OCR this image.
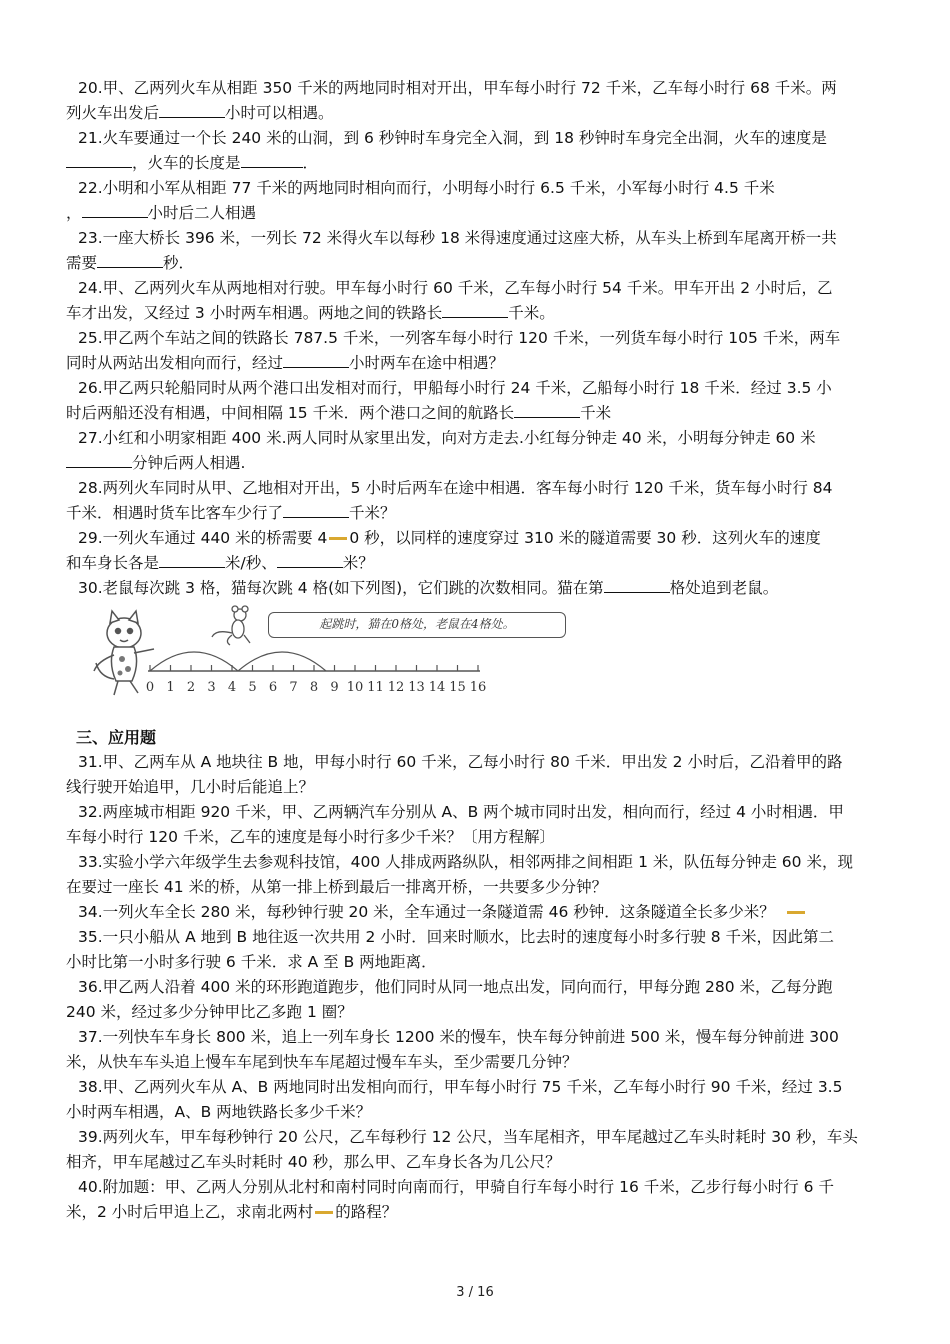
20.甲、乙两列火车从相距 350 千米的两地同时相对开出，甲车每小时行 72 千米，乙车每小时行 68 千米。两

列火车出发后	小时可以相遇。

21.火车要通过一个长 240 米的山洞，到 6 秒钟时车身完全入洞，到 18 秒钟时车身完全出洞，火车的速度是

，火车的长度是	．

22.小明和小军从相距 77 千米的两地同时相向而行，小明每小时行 6.5 千米，小军每小时行 4.5 千米

，	小时后二人相遇

23.一座大桥长 396 米，一列长 72 米得火车以每秒 18 米得速度通过这座大桥，从车头上桥到车尾离开桥一共

需要	秒．

24.甲、乙两列火车从两地相对行驶。甲车每小时行 60 千米，乙车每小时行 54 千米。甲车开出 2 小时后，乙

车才出发，又经过 3 小时两车相遇。两地之间的铁路长	千米。

25.甲乙两个车站之间的铁路长 787.5 千米，一列客车每小时行 120 千米，一列货车每小时行 105 千米，两车

同时从两站出发相向而行，经过	小时两车在途中相遇？

26.甲乙两只轮船同时从两个港口出发相对而行，甲船每小时行 24 千米，乙船每小时行 18 千米．经过 3.5 小

时后两船还没有相遇，中间相隔 15 千米．两个港口之间的航路长	千米

27.小红和小明家相距 400 米.两人同时从家里出发，向对方走去.小红每分钟走 40 米，小明每分钟走 60 米

分钟后两人相遇.

28.两列火车同时从甲、乙地相对开出，5 小时后两车在途中相遇．客车每小时行 120 千米，货车每小时行 84

千米．相遇时货车比客车少行了	千米？

29.一列火车通过 440 米的桥需要 4 0 秒，以同样的速度穿过 310 米的隧道需要 30 秒．这列火车的速度

和车身长各是	米/秒、	米？

30.老鼠每次跳 3 格，猫每次跳 4 格(如下列图)，它们跳的次数相同。猫在第	格处追到老鼠。

0 1 2 3 4 5 6 7 8 9 10 11 12 13 14 15 16
起跳时，猫在0格处，老鼠在4格处。
三、应用题

31.甲、乙两车从 A 地块往 B 地，甲每小时行 60 千米，乙每小时行 80 千米．甲出发 2 小时后，乙沿着甲的路

线行驶开始追甲，几小时后能追上？

32.两座城市相距 920 千米，甲、乙两辆汽车分别从 A、B 两个城市同时出发，相向而行，经过 4 小时相遇．甲

车每小时行 120 千米，乙车的速度是每小时行多少千米？〔用方程解〕

33.实验小学六年级学生去参观科技馆，400 人排成两路纵队，相邻两排之间相距 1 米，队伍每分钟走 60 米，现

在要过一座长 41 米的桥，从第一排上桥到最后一排离开桥，一共要多少分钟？

34.一列火车全长 280 米，每秒钟行驶 20 米，全车通过一条隧道需 46 秒钟．这条隧道全长多少米？

35.一只小船从 A 地到 B 地往返一次共用 2 小时．回来时顺水，比去时的速度每小时多行驶 8 千米，因此第二

小时比第一小时多行驶 6 千米．求 A 至 B 两地距离．

36.甲乙两人沿着 400 米的环形跑道跑步，他们同时从同一地点出发，同向而行，甲每分跑 280 米，乙每分跑

240 米，经过多少分钟甲比乙多跑 1 圈？

37.一列快车车身长 800 米，追上一列车身长 1200 米的慢车，快车每分钟前进 500 米，慢车每分钟前进 300

米，从快车车头追上慢车车尾到快车车尾超过慢车车头，至少需要几分钟？

38.甲、乙两列火车从 A、B 两地同时出发相向而行，甲车每小时行 75 千米，乙车每小时行 90 千米，经过 3.5

小时两车相遇，A、B 两地铁路长多少千米？

39.两列火车，甲车每秒钟行 20 公尺，乙车每秒行 12 公尺，当车尾相齐，甲车尾越过乙车头时耗时 30 秒，车头

相齐，甲车尾越过乙车头时耗时 40 秒，那么甲、乙车身长各为几公尺？

40.附加题：甲、乙两人分别从北村和南村同时向南而行，甲骑自行车每小时行 16 千米，乙步行每小时行 6 千

米，2 小时后甲追上乙，求南北两村 的路程？

3 / 16
